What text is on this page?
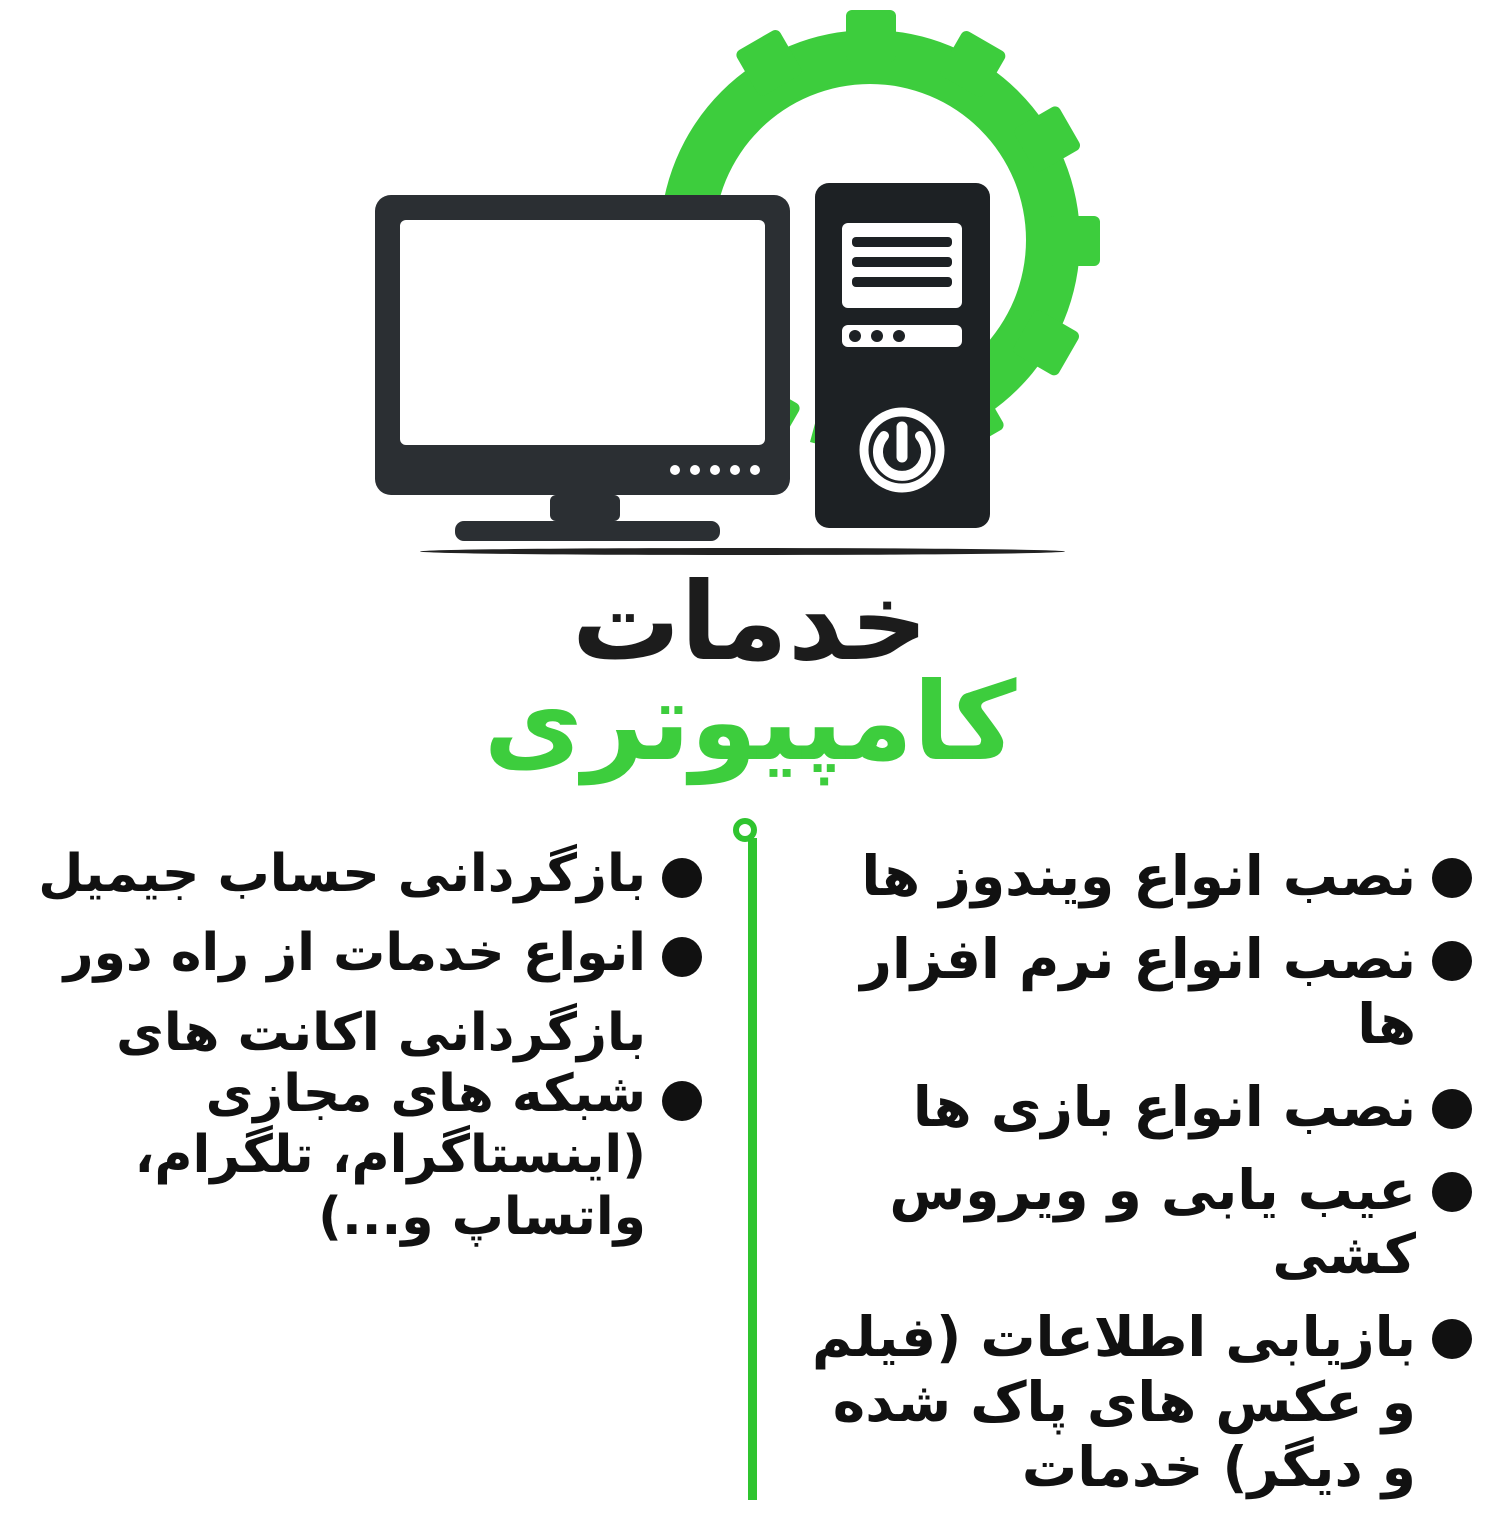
خدمات
کامپیوتری
نصب انواع ویندوز ها
نصب انواع نرم افزار ها
نصب انواع بازی ها
عیب یابی و ویروس کشی
بازیابی اطلاعات (فیلم و عکس های پاک شده و دیگر) خدمات
بازگردانی حساب جیمیل
انواع خدمات از راه دور
بازگردانی اکانت های شبکه های مجازی (اینستاگرام، تلگرام، واتساپ و...)
